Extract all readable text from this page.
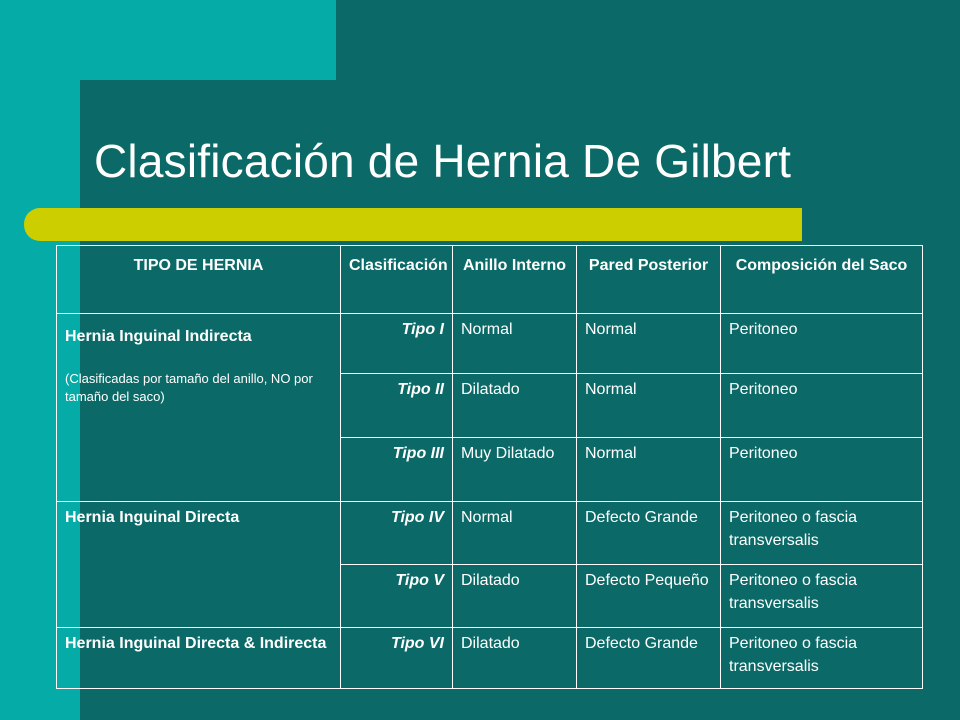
Clasificación de Hernia De Gilbert
TIPO DE HERNIA	Clasificación	Anillo Interno	Pared Posterior	Composición del Saco

Hernia Inguinal Indirecta
(Clasificadas por tamaño del anillo, NO por tamaño del saco)	Tipo I	Normal	Normal	Peritoneo
	Tipo II	Dilatado	Normal	Peritoneo
	Tipo III	Muy Dilatado	Normal	Peritoneo
Hernia Inguinal Directa	Tipo IV	Normal	Defecto Grande	Peritoneo o fascia transversalis
	Tipo V	Dilatado	Defecto Pequeño	Peritoneo o fascia transversalis
Hernia Inguinal Directa & Indirecta	Tipo VI	Dilatado	Defecto Grande	Peritoneo o fascia transversalis
